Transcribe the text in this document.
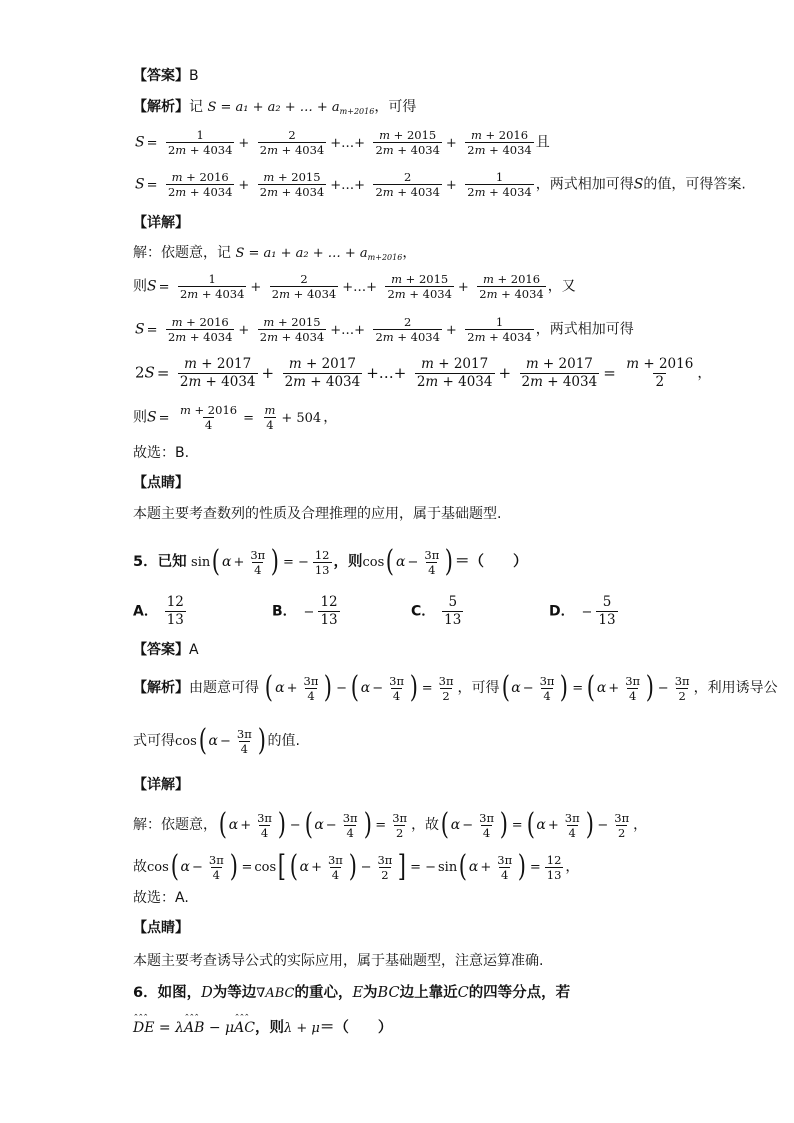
【答案】B
【解析】记 S = a₁ + a₂ + … + $a_{m+2016}$，可得
$S = \frac{1}{2m + 4034} + \frac{2}{2m + 4034}$ +…+ $\frac{m + 2015}{2m + 4034} + \frac{m + 2016}{2m + 4034}$ 且
$S = \frac{m + 2016}{2m + 4034} + \frac{m + 2015}{2m + 4034}$ +…+ $\frac{2}{2m + 4034} + \frac{1}{2m + 4034}$ ，两式相加可得S的值，可得答案.
【详解】
解：依题意，记 S = a₁ + a₂ + … + $a_{m+2016}$，
则$S = \frac{1}{2m + 4034} + \frac{2}{2m + 4034}$ +…+ $\frac{m + 2015}{2m + 4034} + \frac{m + 2016}{2m + 4034}$ ，又
$S = \frac{m + 2016}{2m + 4034} + \frac{m + 2015}{2m + 4034}$ +…+ $\frac{2}{2m + 4034} + \frac{1}{2m + 4034}$ ，两式相加可得
$2S = \frac{m + 2017}{2m + 4034} + \frac{m + 2017}{2m + 4034}$ +…+ $\frac{m + 2017}{2m + 4034} + \frac{m + 2017}{2m + 4034} = \frac{m + 2016}{2}$ ，
则$S = \frac{m + 2016}{4} = \frac{m}{4} + 504$ ，
故选：B.
【点睛】
本题主要考查数列的性质及合理推理的应用，属于基础题型.
5．已知 sin( $\alpha + \frac{3\pi}{4}$ ) = − $\frac{12}{13}$ ，则cos( $\alpha - \frac{3\pi}{4}$ ) ＝（　　）
A． $\frac{12}{13}$	B． − $\frac{12}{13}$	C． $\frac{5}{13}$	D． − $\frac{5}{13}$
【答案】A
【解析】由题意可得 ( $\alpha + \frac{3\pi}{4}$ ) − ( $\alpha - \frac{3\pi}{4}$ ) = $\frac{3\pi}{2}$ ，可得( $\alpha - \frac{3\pi}{4}$ ) = ( $\alpha + \frac{3\pi}{4}$ ) − $\frac{3\pi}{2}$ ，利用诱导公
式可得cos( $\alpha - \frac{3\pi}{4}$ ) 的值.
【详解】
解：依题意，( $\alpha + \frac{3\pi}{4}$ ) − ( $\alpha - \frac{3\pi}{4}$ ) = $\frac{3\pi}{2}$ ，故( $\alpha - \frac{3\pi}{4}$ ) = ( $\alpha + \frac{3\pi}{4}$ ) − $\frac{3\pi}{2}$ ，
故cos( $\alpha - \frac{3\pi}{4}$ ) = cos[ ( $\alpha + \frac{3\pi}{4}$ ) − $\frac{3\pi}{2}$ ] = − sin( $\alpha + \frac{3\pi}{4}$ ) = $\frac{12}{13}$ ，
故选：A.
【点睛】
本题主要考查诱导公式的实际应用，属于基础题型，注意运算准确.
6．如图，D为等边∇ABC的重心，E为BC边上靠近C的四等分点，若
⌃⌃⌃ DE = λ⌃⌃⌃ AB − μ⌃⌃⌃ AC，则λ + μ＝（　　）
